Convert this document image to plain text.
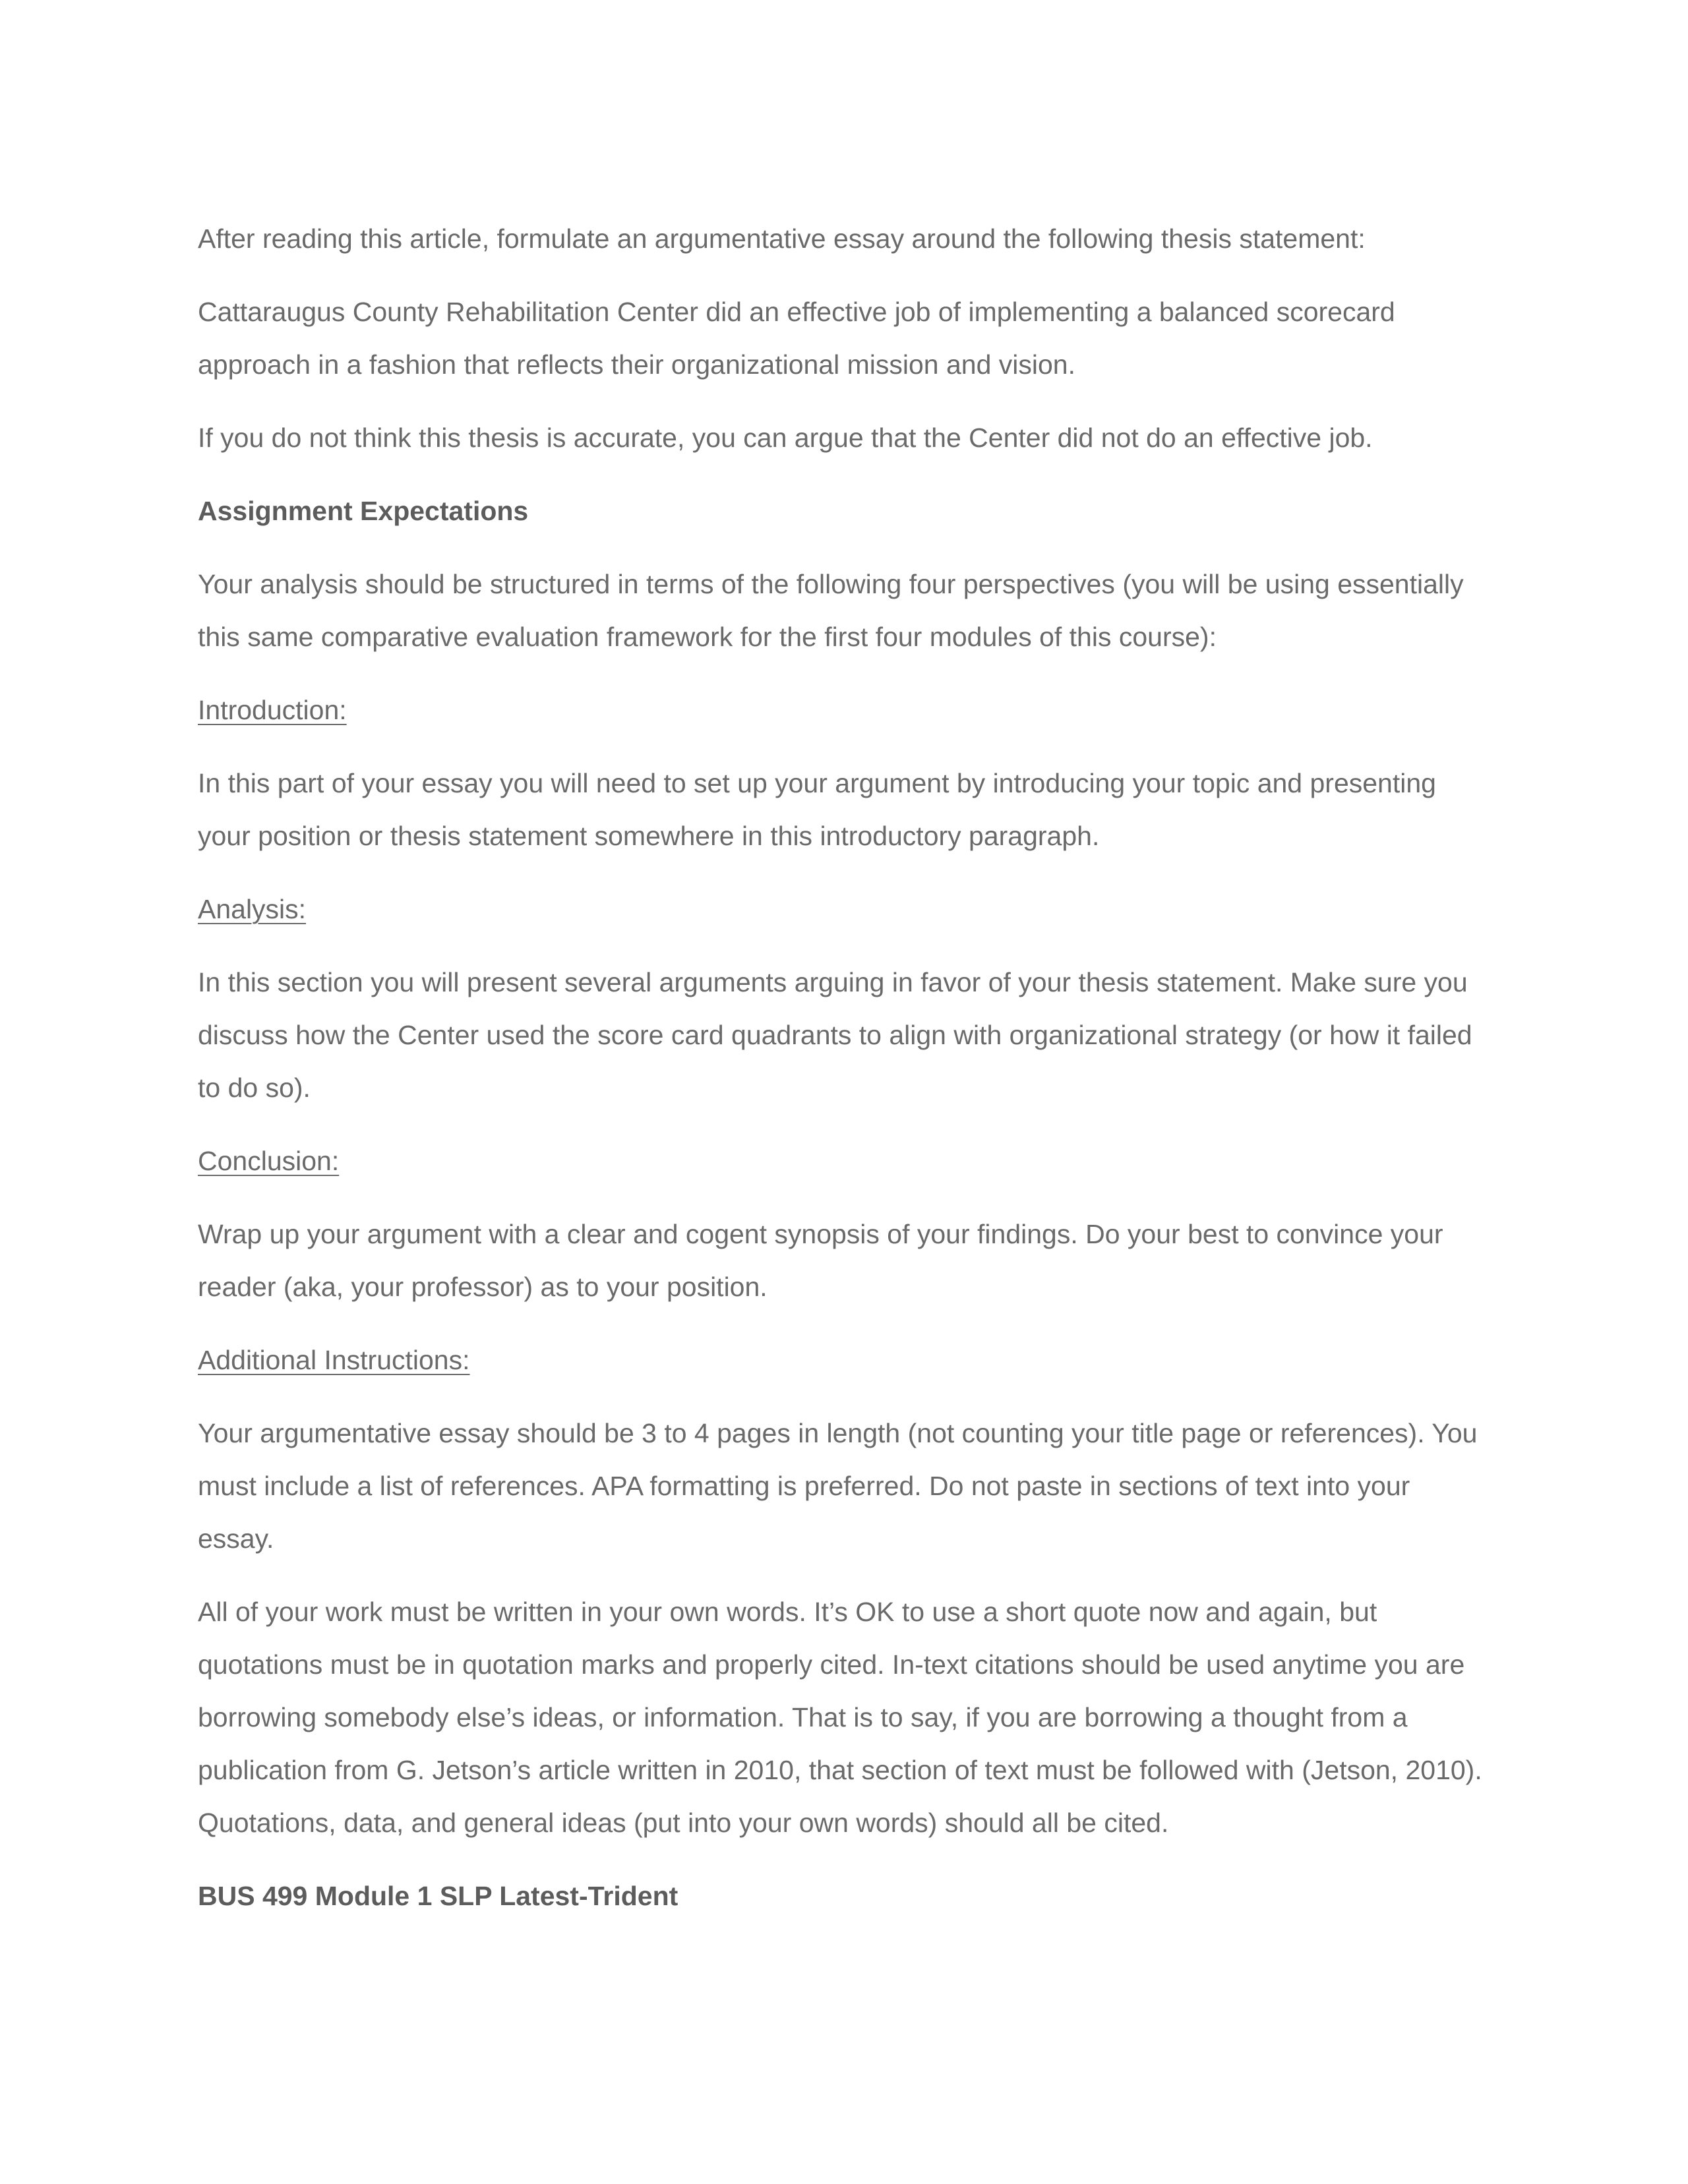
After reading this article, formulate an argumentative essay around the following thesis statement:

Cattaraugus County Rehabilitation Center did an effective job of implementing a balanced scorecard approach in a fashion that reflects their organizational mission and vision.

If you do not think this thesis is accurate, you can argue that the Center did not do an effective job.

Assignment Expectations

Your analysis should be structured in terms of the following four perspectives (you will be using essentially this same comparative evaluation framework for the first four modules of this course):

Introduction:

In this part of your essay you will need to set up your argument by introducing your topic and presenting your position or thesis statement somewhere in this introductory paragraph.

Analysis:

In this section you will present several arguments arguing in favor of your thesis statement. Make sure you discuss how the Center used the score card quadrants to align with organizational strategy (or how it failed to do so).

Conclusion:

Wrap up your argument with a clear and cogent synopsis of your findings. Do your best to convince your reader (aka, your professor) as to your position.

Additional Instructions:

Your argumentative essay should be 3 to 4 pages in length (not counting your title page or references). You must include a list of references. APA formatting is preferred. Do not paste in sections of text into your essay.

All of your work must be written in your own words. It’s OK to use a short quote now and again, but quotations must be in quotation marks and properly cited. In-text citations should be used anytime you are borrowing somebody else’s ideas, or information. That is to say, if you are borrowing a thought from a publication from G. Jetson’s article written in 2010, that section of text must be followed with (Jetson, 2010). Quotations, data, and general ideas (put into your own words) should all be cited.

BUS 499 Module 1 SLP Latest-Trident
